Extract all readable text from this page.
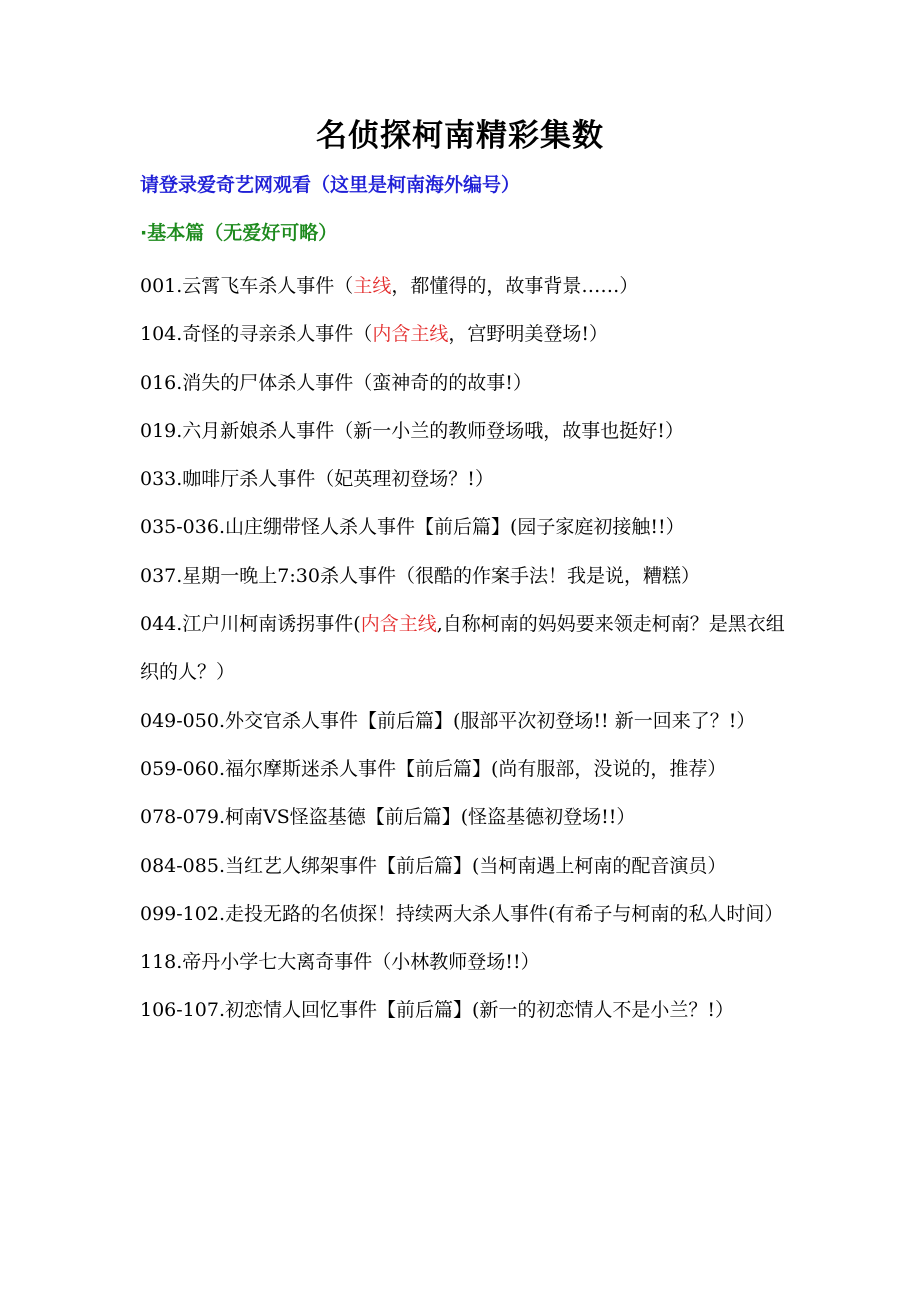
名侦探柯南精彩集数
请登录爱奇艺网观看（这里是柯南海外编号）
·基本篇（无爱好可略）

001.云霄飞车杀人事件（主线，都懂得的，故事背景……）

104.奇怪的寻亲杀人事件（内含主线，宫野明美登场!）

016.消失的尸体杀人事件（蛮神奇的的故事!）

019.六月新娘杀人事件（新一小兰的教师登场哦，故事也挺好!）

033.咖啡厅杀人事件（妃英理初登场？!）

035-036.山庄绷带怪人杀人事件【前后篇】(园子家庭初接触!!）

037.星期一晚上7:30杀人事件（很酷的作案手法！我是说，糟糕）

044.江户川柯南诱拐事件(内含主线,自称柯南的妈妈要来领走柯南？是黑衣组织的人？）

049-050.外交官杀人事件【前后篇】(服部平次初登场!! 新一回来了？!）

059-060.福尔摩斯迷杀人事件【前后篇】(尚有服部，没说的，推荐）

078-079.柯南VS怪盗基德【前后篇】(怪盗基德初登场!!）

084-085.当红艺人绑架事件【前后篇】(当柯南遇上柯南的配音演员）

099-102.走投无路的名侦探！持续两大杀人事件(有希子与柯南的私人时间）

118.帝丹小学七大离奇事件（小林教师登场!!）

106-107.初恋情人回忆事件【前后篇】(新一的初恋情人不是小兰？!）
